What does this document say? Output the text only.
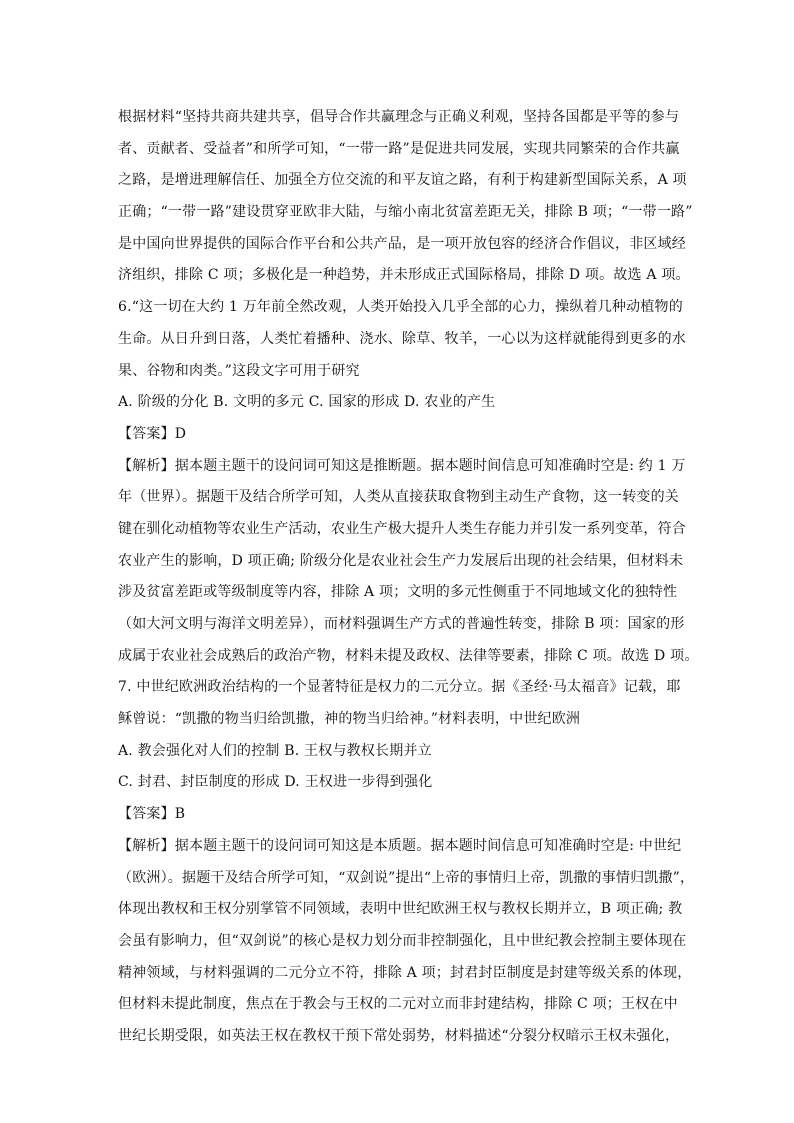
根据材料“坚持共商共建共享，倡导合作共赢理念与正确义利观，坚持各国都是平等的参与
者、贡献者、受益者”和所学可知，“一带一路”是促进共同发展，实现共同繁荣的合作共赢
之路，是增进理解信任、加强全方位交流的和平友谊之路，有利于构建新型国际关系，A 项
正确；“一带一路”建设贯穿亚欧非大陆，与缩小南北贫富差距无关，排除 B 项；“一带一路”
是中国向世界提供的国际合作平台和公共产品，是一项开放包容的经济合作倡议，非区域经
济组织，排除 C 项；多极化是一种趋势，并未形成正式国际格局，排除 D 项。故选 A 项。
6.“这一切在大约 1 万年前全然改观，人类开始投入几乎全部的心力，操纵着几种动植物的
生命。从日升到日落，人类忙着播种、浇水、除草、牧羊，一心以为这样就能得到更多的水
果、谷物和肉类。”这段文字可用于研究
A. 阶级的分化 B. 文明的多元 C. 国家的形成 D. 农业的产生
【答案】D
【解析】据本题主题干的设问词可知这是推断题。据本题时间信息可知准确时空是: 约 1 万
年（世界）。据题干及结合所学可知，人类从直接获取食物到主动生产食物，这一转变的关
键在驯化动植物等农业生产活动，农业生产极大提升人类生存能力并引发一系列变革，符合
农业产生的影响，D 项正确; 阶级分化是农业社会生产力发展后出现的社会结果，但材料未
涉及贫富差距或等级制度等内容，排除 A 项；文明的多元性侧重于不同地域文化的独特性
（如大河文明与海洋文明差异），而材料强调生产方式的普遍性转变，排除 B 项：国家的形
成属于农业社会成熟后的政治产物，材料未提及政权、法律等要素，排除 C 项。故选 D 项。
7. 中世纪欧洲政治结构的一个显著特征是权力的二元分立。据《圣经·马太福音》记载，耶
稣曾说：“凯撒的物当归给凯撒，神的物当归给神。”材料表明，中世纪欧洲
A. 教会强化对人们的控制 B. 王权与教权长期并立
C. 封君、封臣制度的形成 D. 王权进一步得到强化
【答案】B
【解析】据本题主题干的设问词可知这是本质题。据本题时间信息可知准确时空是: 中世纪
（欧洲）。据题干及结合所学可知，“双剑说”提出“上帝的事情归上帝，凯撒的事情归凯撒”，
体现出教权和王权分别掌管不同领域，表明中世纪欧洲王权与教权长期并立，B 项正确; 教
会虽有影响力，但“双剑说”的核心是权力划分而非控制强化，且中世纪教会控制主要体现在
精神领域，与材料强调的二元分立不符，排除 A 项；封君封臣制度是封建等级关系的体现，
但材料未提此制度，焦点在于教会与王权的二元对立而非封建结构，排除 C 项；王权在中
世纪长期受限，如英法王权在教权干预下常处弱势，材料描述“分裂分权暗示王权未强化，
